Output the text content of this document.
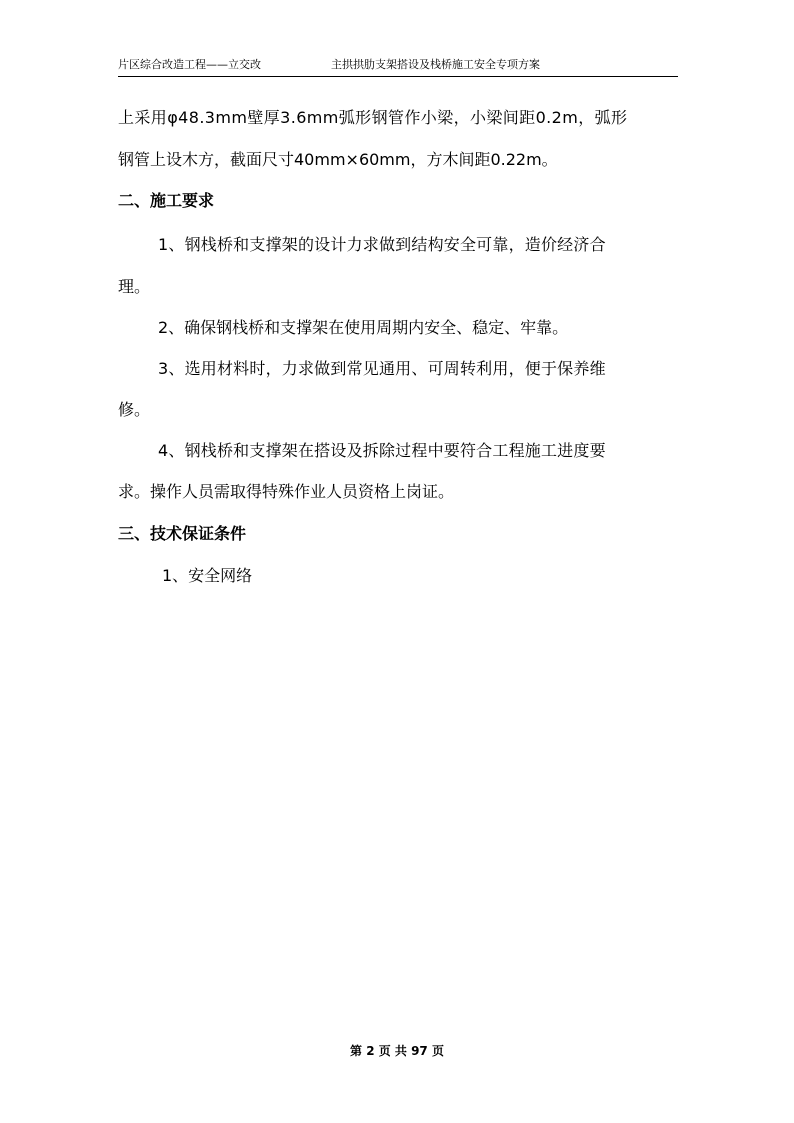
片区综合改造工程——立交改	主拱拱肋支架搭设及栈桥施工安全专项方案
上采用φ48.3mm壁厚3.6mm弧形钢管作小梁，小梁间距0.2m，弧形
钢管上设木方，截面尺寸40mm×60mm，方木间距0.22m。
二、施工要求
1、钢栈桥和支撑架的设计力求做到结构安全可靠，造价经济合
理。
2、确保钢栈桥和支撑架在使用周期内安全、稳定、牢靠。
3、选用材料时，力求做到常见通用、可周转利用，便于保养维
修。
4、钢栈桥和支撑架在搭设及拆除过程中要符合工程施工进度要
求。操作人员需取得特殊作业人员资格上岗证。
三、技术保证条件
1、安全网络
第 2 页 共 97 页
